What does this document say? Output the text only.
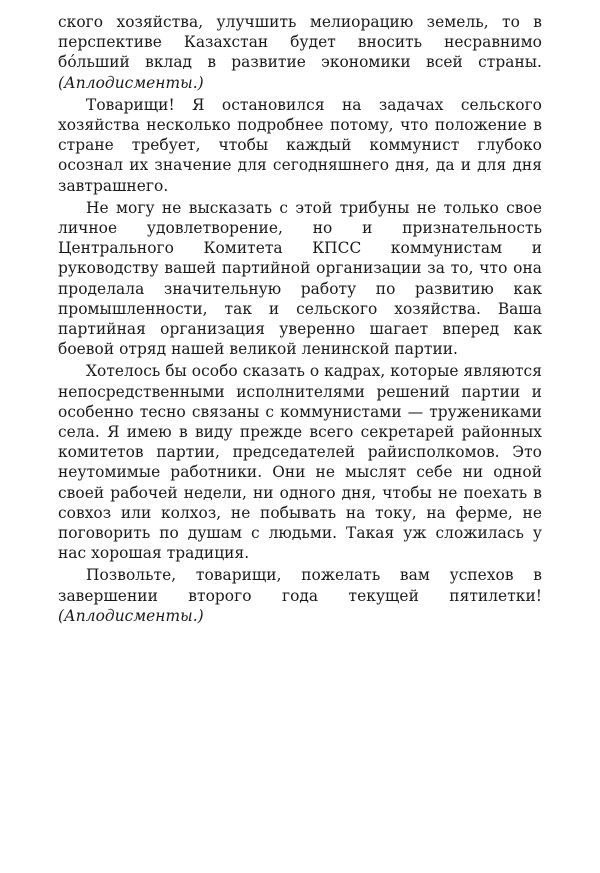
ского хозяйства, улучшить мелиорацию земель, то в перспективе Казахстан будет вносить несравнимо бо́льший вклад в развитие экономики всей страны. (Аплодисменты.)

Товарищи! Я остановился на задачах сельского хозяйства несколько подробнее потому, что положение в стране требует, чтобы каждый коммунист глубоко осознал их значение для сегодняшнего дня, да и для дня завтрашнего.

Не могу не высказать с этой трибуны не только свое личное удовлетворение, но и признательность Центрального Комитета КПСС коммунистам и руководству вашей партийной организации за то, что она проделала значительную работу по развитию как промышленности, так и сельского хозяйства. Ваша партийная организация уверенно шагает вперед как боевой отряд нашей великой ленинской партии.

Хотелось бы особо сказать о кадрах, которые являются непосредственными исполнителями решений партии и особенно тесно связаны с коммунистами — тружениками села. Я имею в виду прежде всего секретарей районных комитетов партии, председателей райисполкомов. Это неутомимые работники. Они не мыслят себе ни одной своей рабочей недели, ни одного дня, чтобы не поехать в совхоз или колхоз, не побывать на току, на ферме, не поговорить по душам с людьми. Такая уж сложилась у нас хорошая традиция.

Позвольте, товарищи, пожелать вам успехов в завершении второго года текущей пятилетки! (Аплодисменты.)
